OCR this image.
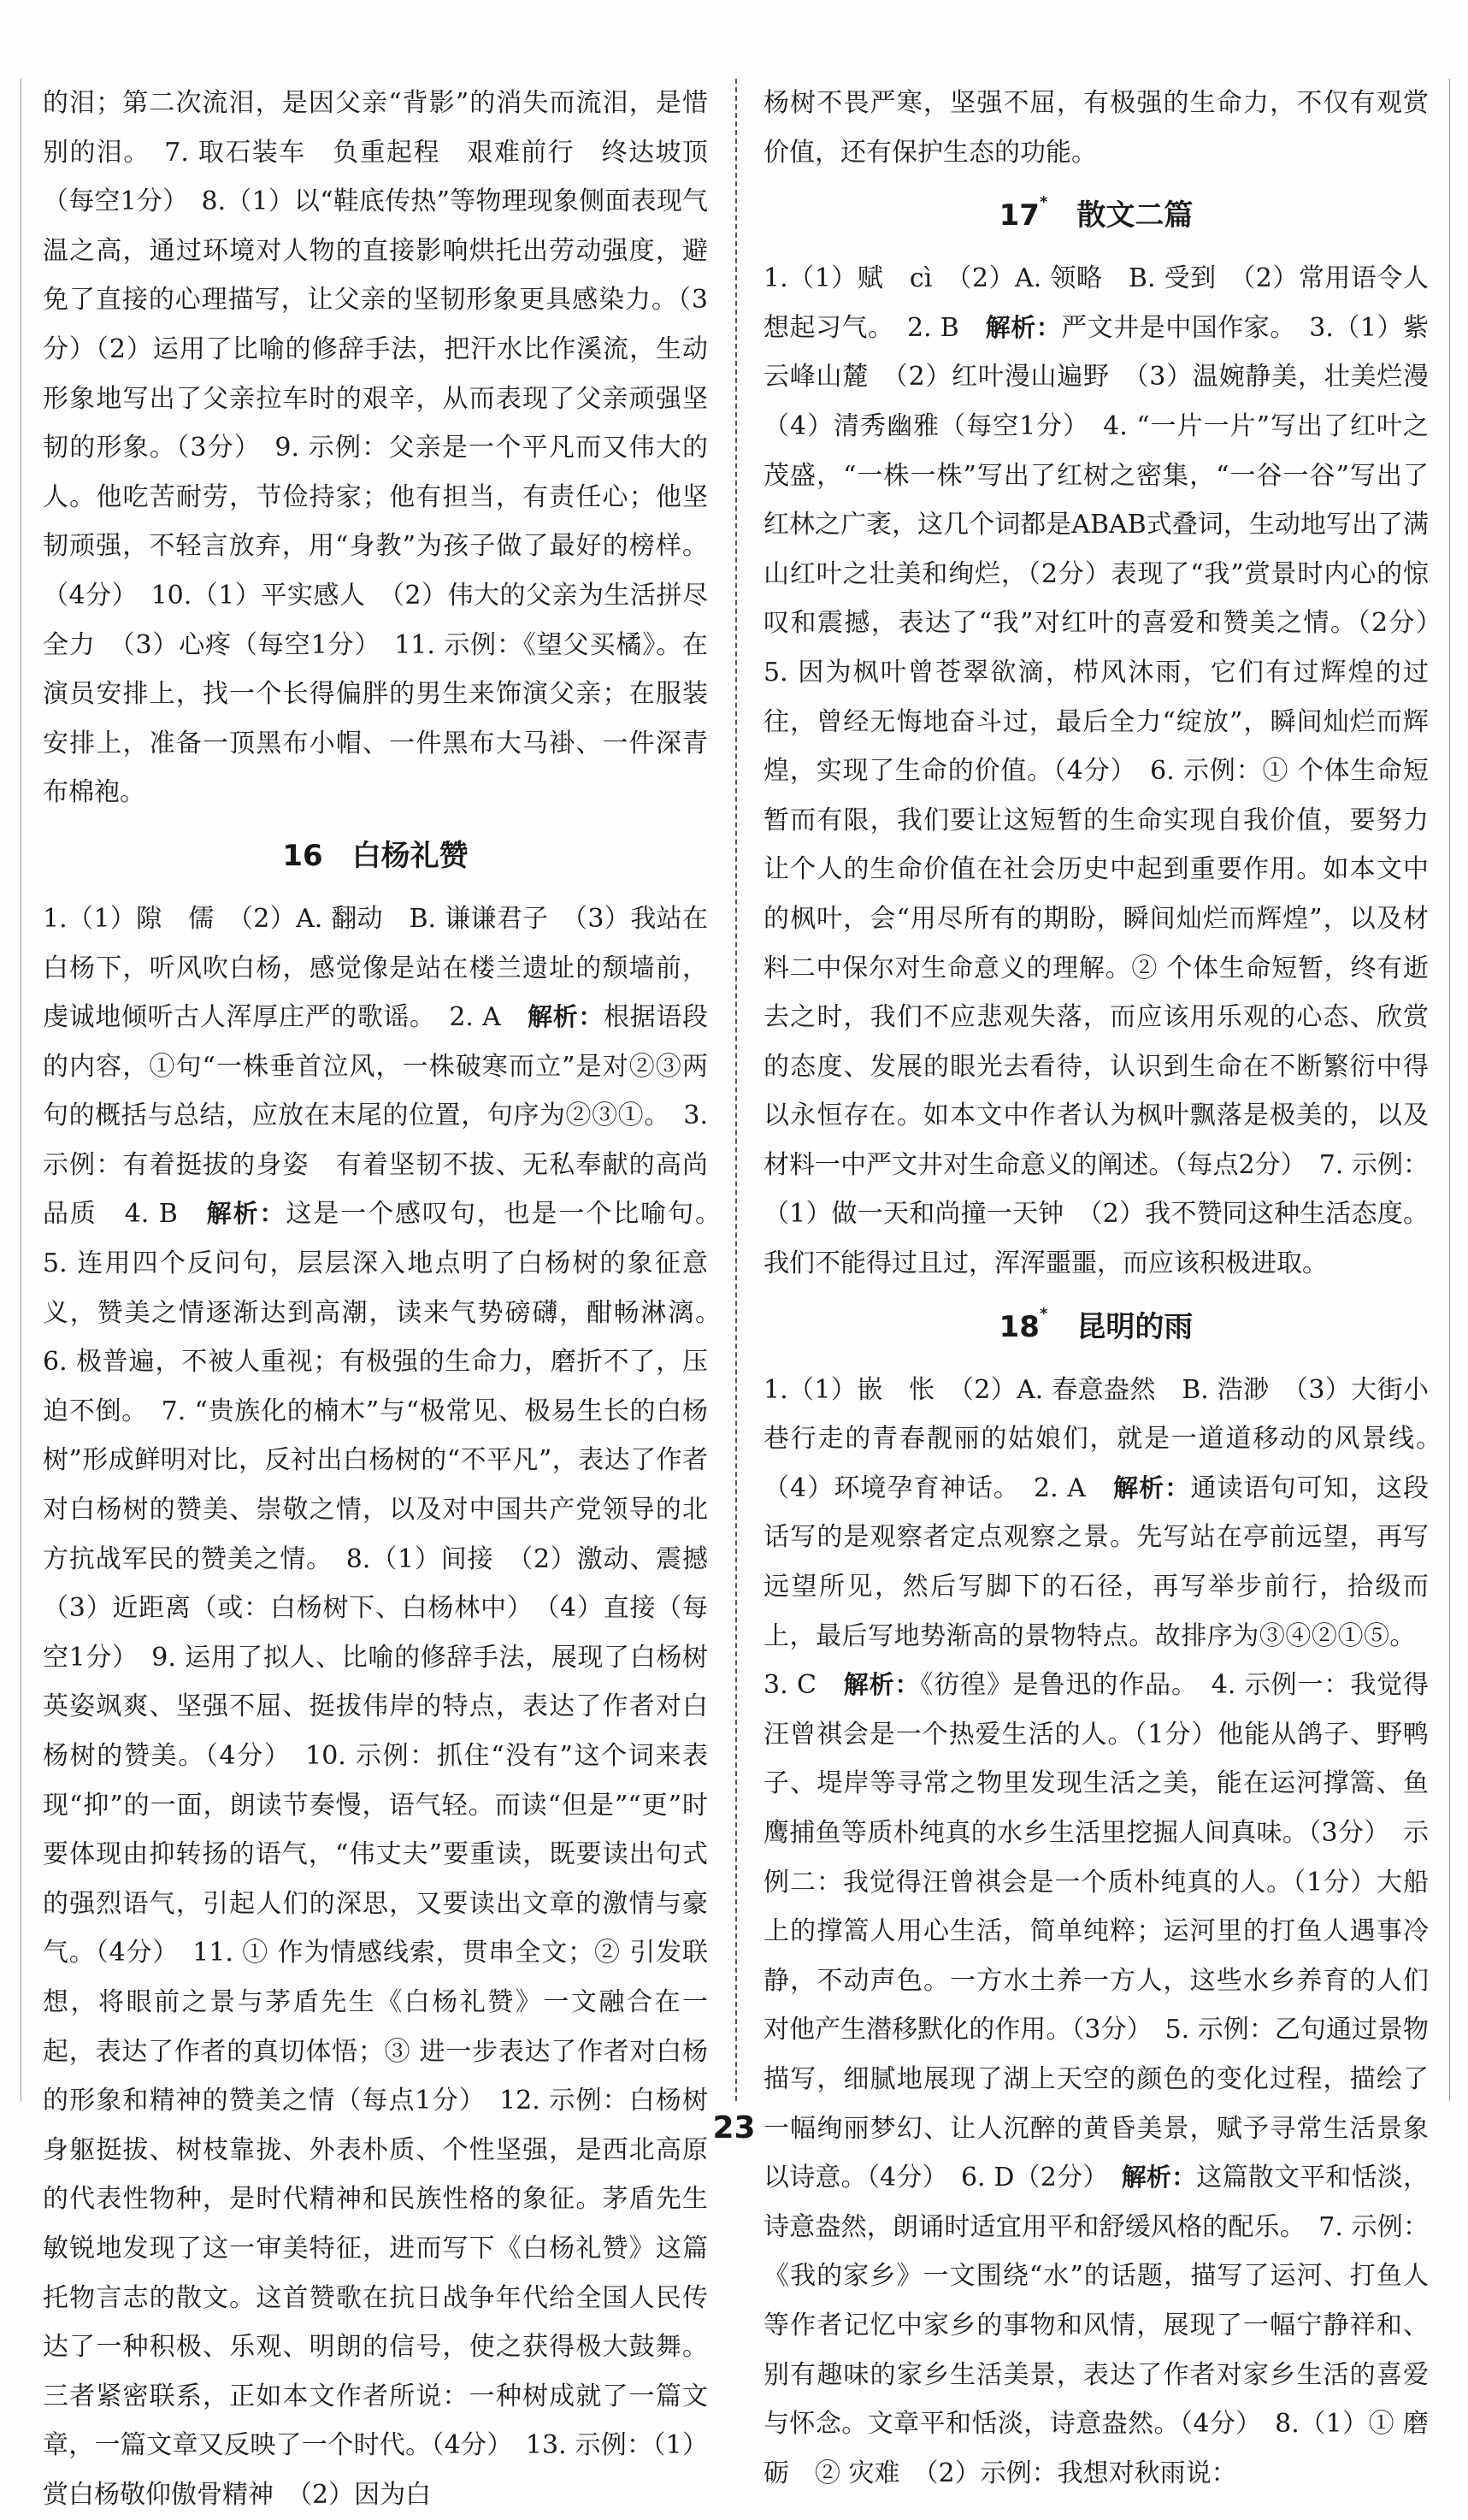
的泪；第二次流泪，是因父亲“背影”的消失而流泪，是惜别的泪。　7. 取石装车　负重起程　艰难前行　终达坡顶（每空1分）　8.（1）以“鞋底传热”等物理现象侧面表现气温之高，通过环境对人物的直接影响烘托出劳动强度，避免了直接的心理描写，让父亲的坚韧形象更具感染力。（3分）（2）运用了比喻的修辞手法，把汗水比作溪流，生动形象地写出了父亲拉车时的艰辛，从而表现了父亲顽强坚韧的形象。（3分）　9. 示例：父亲是一个平凡而又伟大的人。他吃苦耐劳，节俭持家；他有担当，有责任心；他坚韧顽强，不轻言放弃，用“身教”为孩子做了最好的榜样。（4分）　10.（1）平实感人　（2）伟大的父亲为生活拼尽全力　（3）心疼（每空1分）　11. 示例：《望父买橘》。在演员安排上，找一个长得偏胖的男生来饰演父亲；在服装安排上，准备一顶黑布小帽、一件黑布大马褂、一件深青布棉袍。

16　 白杨礼赞

1.（1）隙　儒　（2）A. 翻动　B. 谦谦君子　（3）我站在白杨下，听风吹白杨，感觉像是站在楼兰遗址的颓墙前，虔诚地倾听古人浑厚庄严的歌谣。　2. A　解析：根据语段的内容，①句“一株垂首泣风，一株破寒而立”是对②③两句的概括与总结，应放在末尾的位置，句序为②③①。　3. 示例：有着挺拔的身姿　有着坚韧不拔、无私奉献的高尚品质　4. B　解析：这是一个感叹句，也是一个比喻句。　5. 连用四个反问句，层层深入地点明了白杨树的象征意义，赞美之情逐渐达到高潮，读来气势磅礴，酣畅淋漓。　6. 极普遍，不被人重视；有极强的生命力，磨折不了，压迫不倒。　7. “贵族化的楠木”与“极常见、极易生长的白杨树”形成鲜明对比，反衬出白杨树的“不平凡”，表达了作者对白杨树的赞美、崇敬之情，以及对中国共产党领导的北方抗战军民的赞美之情。　8.（1）间接　（2）激动、震撼　（3）近距离（或：白杨树下、白杨林中）　（4）直接（每空1分）　9. 运用了拟人、比喻的修辞手法，展现了白杨树英姿飒爽、坚强不屈、挺拔伟岸的特点，表达了作者对白杨树的赞美。（4分）　10. 示例：抓住“没有”这个词来表现“抑”的一面，朗读节奏慢，语气轻。而读“但是”“更”时要体现由抑转扬的语气，“伟丈夫”要重读，既要读出句式的强烈语气，引起人们的深思，又要读出文章的激情与豪气。（4分）　11. ① 作为情感线索，贯串全文；② 引发联想，将眼前之景与茅盾先生《白杨礼赞》一文融合在一起，表达了作者的真切体悟；③ 进一步表达了作者对白杨的形象和精神的赞美之情（每点1分）　12. 示例：白杨树身躯挺拔、树枝靠拢、外表朴质、个性坚强，是西北高原的代表性物种，是时代精神和民族性格的象征。茅盾先生敏锐地发现了这一审美特征，进而写下《白杨礼赞》这篇托物言志的散文。这首赞歌在抗日战争年代给全国人民传达了一种积极、乐观、明朗的信号，使之获得极大鼓舞。三者紧密联系，正如本文作者所说：一种树成就了一篇文章，一篇文章又反映了一个时代。（4分）　13. 示例：（1）赏白杨敬仰傲骨精神　（2）因为白

杨树不畏严寒，坚强不屈，有极强的生命力，不仅有观赏价值，还有保护生态的功能。

17*　 散文二篇

1.（1）赋　cì　（2）A. 领略　B. 受到　（2）常用语令人想起习气。　2. B　解析：严文井是中国作家。　3.（1）紫云峰山麓　（2）红叶漫山遍野　（3）温婉静美，壮美烂漫　（4）清秀幽雅（每空1分）　4. “一片一片”写出了红叶之茂盛，“一株一株”写出了红树之密集，“一谷一谷”写出了红林之广袤，这几个词都是ABAB式叠词，生动地写出了满山红叶之壮美和绚烂，（2分）表现了“我”赏景时内心的惊叹和震撼，表达了“我”对红叶的喜爱和赞美之情。（2分）　5. 因为枫叶曾苍翠欲滴，栉风沐雨，它们有过辉煌的过往，曾经无悔地奋斗过，最后全力“绽放”，瞬间灿烂而辉煌，实现了生命的价值。（4分）　6. 示例：① 个体生命短暂而有限，我们要让这短暂的生命实现自我价值，要努力让个人的生命价值在社会历史中起到重要作用。如本文中的枫叶，会“用尽所有的期盼，瞬间灿烂而辉煌”，以及材料二中保尔对生命意义的理解。② 个体生命短暂，终有逝去之时，我们不应悲观失落，而应该用乐观的心态、欣赏的态度、发展的眼光去看待，认识到生命在不断繁衍中得以永恒存在。如本文中作者认为枫叶飘落是极美的，以及材料一中严文井对生命意义的阐述。（每点2分）　7. 示例：（1）做一天和尚撞一天钟　（2）我不赞同这种生活态度。我们不能得过且过，浑浑噩噩，而应该积极进取。

18*　 昆明的雨

1.（1）嵌　怅　（2）A. 春意盎然　B. 浩渺　（3）大街小巷行走的青春靓丽的姑娘们，就是一道道移动的风景线。　（4）环境孕育神话。　2. A　解析：通读语句可知，这段话写的是观察者定点观察之景。先写站在亭前远望，再写远望所见，然后写脚下的石径，再写举步前行，拾级而上，最后写地势渐高的景物特点。故排序为③④②①⑤。　3. C　解析：《彷徨》是鲁迅的作品。　4. 示例一：我觉得汪曾祺会是一个热爱生活的人。（1分）他能从鸽子、野鸭子、堤岸等寻常之物里发现生活之美，能在运河撑篙、鱼鹰捕鱼等质朴纯真的水乡生活里挖掘人间真味。（3分）　示例二：我觉得汪曾祺会是一个质朴纯真的人。（1分）大船上的撑篙人用心生活，简单纯粹；运河里的打鱼人遇事冷静，不动声色。一方水土养一方人，这些水乡养育的人们对他产生潜移默化的作用。（3分）　5. 示例：乙句通过景物描写，细腻地展现了湖上天空的颜色的变化过程，描绘了一幅绚丽梦幻、让人沉醉的黄昏美景，赋予寻常生活景象以诗意。（4分）　6. D（2分）　解析：这篇散文平和恬淡，诗意盎然，朗诵时适宜用平和舒缓风格的配乐。　7. 示例：《我的家乡》一文围绕“水”的话题，描写了运河、打鱼人等作者记忆中家乡的事物和风情，展现了一幅宁静祥和、别有趣味的家乡生活美景，表达了作者对家乡生活的喜爱与怀念。文章平和恬淡，诗意盎然。（4分）　8.（1）① 磨砺　② 灾难　（2）示例：我想对秋雨说：

23
